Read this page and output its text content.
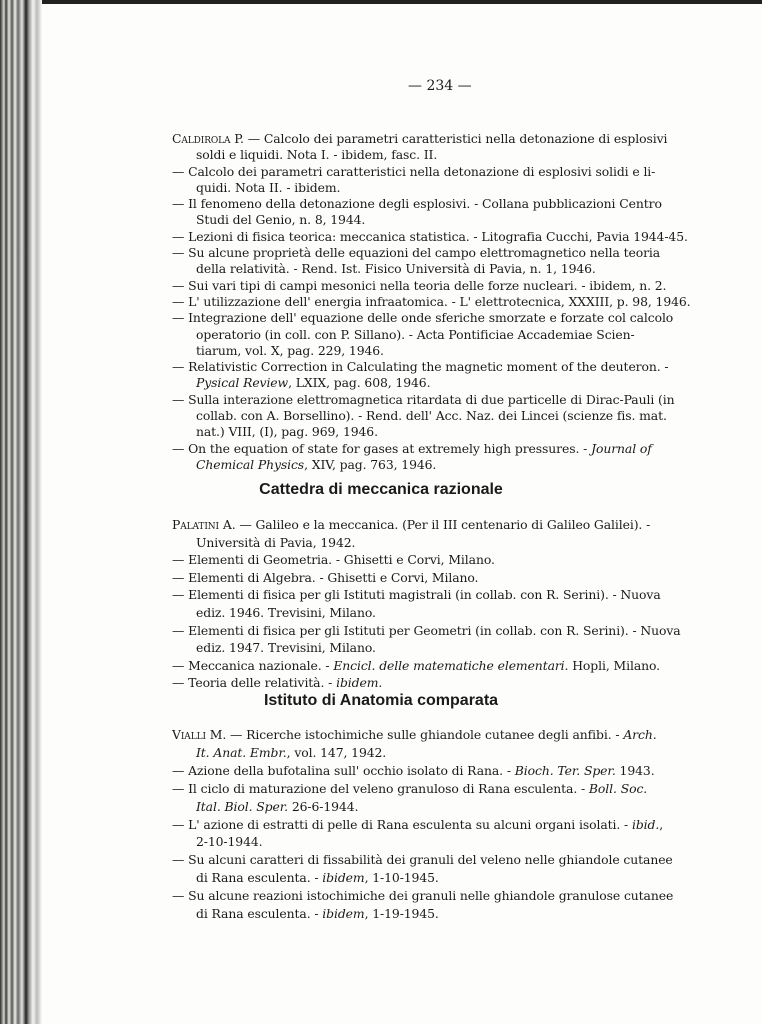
— 234 —
Caldirola P. — Calcolo dei parametri caratteristici nella detonazione di esplosivi
soldi e liquidi. Nota I. - ibidem, fasc. II.
— Calcolo dei parametri caratteristici nella detonazione di esplosivi solidi e li-
quidi. Nota II. - ibidem.
— Il fenomeno della detonazione degli esplosivi. - Collana pubblicazioni Centro
Studi del Genio, n. 8, 1944.
— Lezioni di fisica teorica: meccanica statistica. - Litografia Cucchi, Pavia 1944-45.
— Su alcune proprietà delle equazioni del campo elettromagnetico nella teoria
della relatività. - Rend. Ist. Fisico Università di Pavia, n. 1, 1946.
— Sui vari tipi di campi mesonici nella teoria delle forze nucleari. - ibidem, n. 2.
— L' utilizzazione dell' energia infraatomica. - L' elettrotecnica, XXXIII, p. 98, 1946.
— Integrazione dell' equazione delle onde sferiche smorzate e forzate col calcolo
operatorio (in coll. con P. Sillano). - Acta Pontificiae Accademiae Scien-
tiarum, vol. X, pag. 229, 1946.
— Relativistic Correction in Calculating the magnetic moment of the deuteron. -
Pysical Review, LXIX, pag. 608, 1946.
— Sulla interazione elettromagnetica ritardata di due particelle di Dirac-Pauli (in
collab. con A. Borsellino). - Rend. dell' Acc. Naz. dei Lincei (scienze fis. mat.
nat.) VIII, (I), pag. 969, 1946.
— On the equation of state for gases at extremely high pressures. - Journal of
Chemical Physics, XIV, pag. 763, 1946.
Cattedra di meccanica razionale
Palatini A. — Galileo e la meccanica. (Per il III centenario di Galileo Galilei). -
Università di Pavia, 1942.
— Elementi di Geometria. - Ghisetti e Corvi, Milano.
— Elementi di Algebra. - Ghisetti e Corvi, Milano.
— Elementi di fisica per gli Istituti magistrali (in collab. con R. Serini). - Nuova
ediz. 1946. Trevisini, Milano.
— Elementi di fisica per gli Istituti per Geometri (in collab. con R. Serini). - Nuova
ediz. 1947. Trevisini, Milano.
— Meccanica nazionale. - Encicl. delle matematiche elementari. Hopli, Milano.
— Teoria delle relatività. - ibidem.
Istituto di Anatomia comparata
Vialli M. — Ricerche istochimiche sulle ghiandole cutanee degli anfibi. - Arch.
It. Anat. Embr., vol. 147, 1942.
— Azione della bufotalina sull' occhio isolato di Rana. - Bioch. Ter. Sper. 1943.
— Il ciclo di maturazione del veleno granuloso di Rana esculenta. - Boll. Soc.
Ital. Biol. Sper. 26-6-1944.
— L' azione di estratti di pelle di Rana esculenta su alcuni organi isolati. - ibid.,
2-10-1944.
— Su alcuni caratteri di fissabilità dei granuli del veleno nelle ghiandole cutanee
di Rana esculenta. - ibidem, 1-10-1945.
— Su alcune reazioni istochimiche dei granuli nelle ghiandole granulose cutanee
di Rana esculenta. - ibidem, 1-19-1945.
